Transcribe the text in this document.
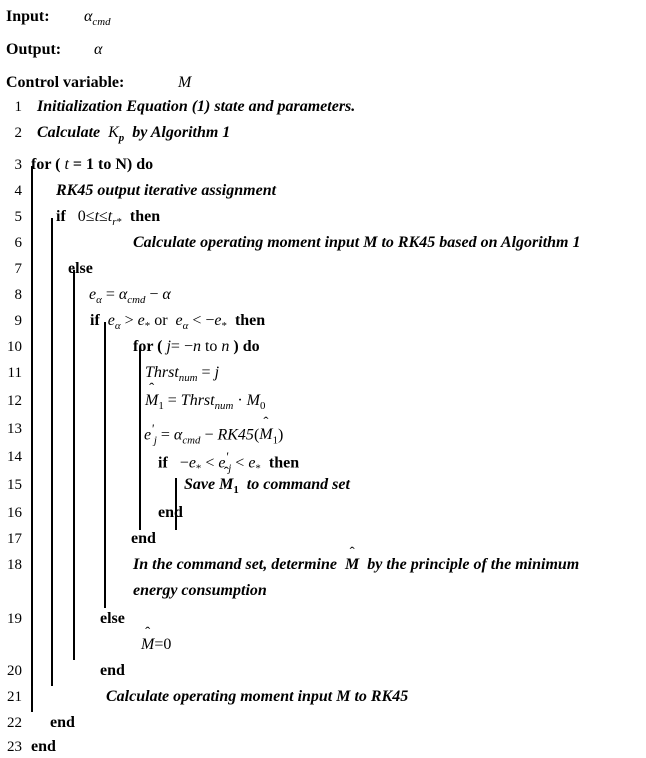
Input: $\alpha_{cmd}$
Output: α
Control variable:	M
1 Initialization Equation (1) state and parameters.
2 Calculate $K_p$ by Algorithm 1
3 for ( t = 1 to N) do
4 RK45 output iterative assignment
5 if $0\le t\le t_{r*}$ then
6	Calculate operating moment input M to RK45 based on Algorithm 1
7	else
8	$e_\alpha = \alpha_{cmd} - \alpha$
9	if $e_\alpha > e_*$ or $e_\alpha < -e_*$ then
10	for ( j= −n to n ) do
11	Thrst$_{num}$ = j
12
ˆ
$M_1$ = Thrst$_{num}$ · $M_0$
13	$e'_j = \alpha_{cmd} - RK45$(
ˆ
$M_1$)
14	if $-e_* < e'_j < e_*$ then
15	Save
ˆ
$M_1$ to command set
16	end
17	end
18	In the command set, determine
ˆ
M by the principle of the minimum
energy consumption
19	else
ˆ
M=0
20	end
21	Calculate operating moment input M to RK45
22 end
23 end
